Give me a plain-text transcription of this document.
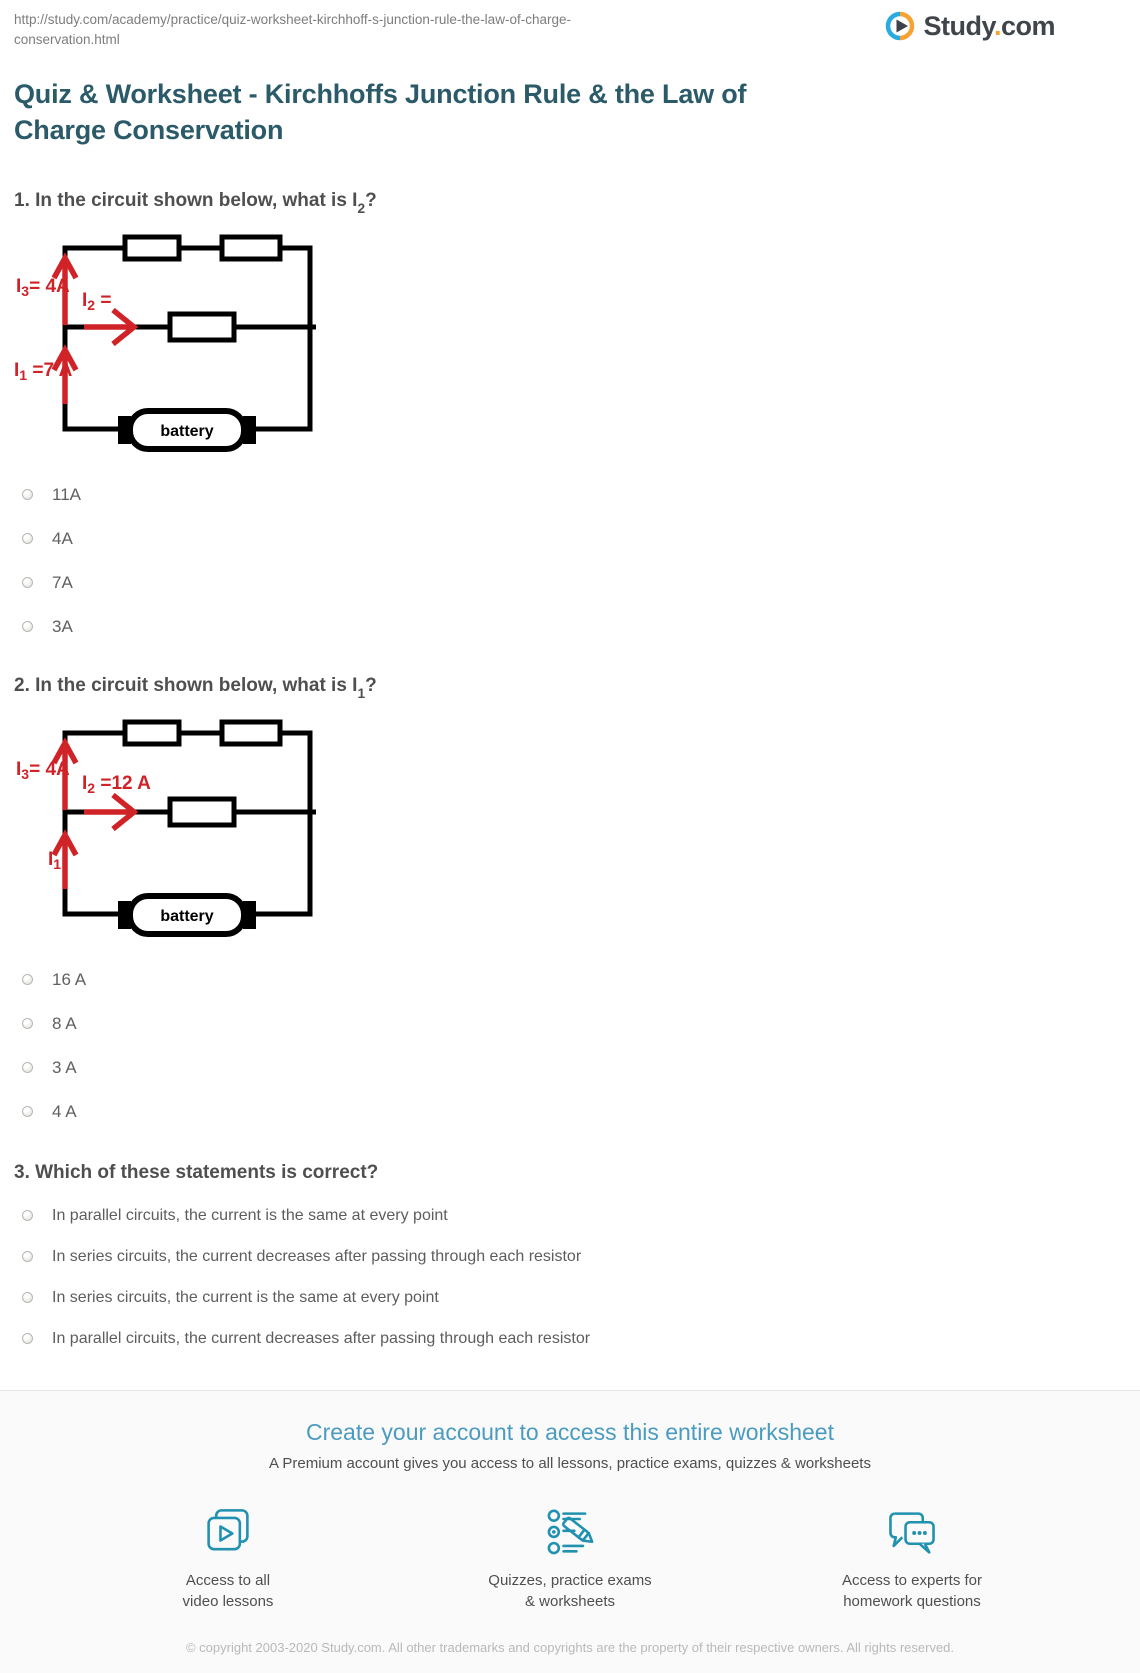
http://study.com/academy/practice/quiz-worksheet-kirchhoff-s-junction-rule-the-law-of-charge-
conservation.html	Study.com
Quiz & Worksheet - Kirchhoffs Junction Rule & the Law of
Charge Conservation
1. In the circuit shown below, what is $I_2$?
battery
$I_3= 4A$
$I_2$ =
$I_1 =7$ A
11A
4A
7A
3A
2. In the circuit shown below, what is $I_1$?
battery
$I_3= 4A$
$I_2 =12$ A
$I_1$
16 A
8 A
3 A
4 A
3. Which of these statements is correct?
In parallel circuits, the current is the same at every point
In series circuits, the current decreases after passing through each resistor
In series circuits, the current is the same at every point
In parallel circuits, the current decreases after passing through each resistor
Create your account to access this entire worksheet
A Premium account gives you access to all lessons, practice exams, quizzes & worksheets
Access to all
video lessons
Quizzes, practice exams
& worksheets
Access to experts for
homework questions
© copyright 2003-2020 Study.com. All other trademarks and copyrights are the property of their respective owners. All rights reserved.
